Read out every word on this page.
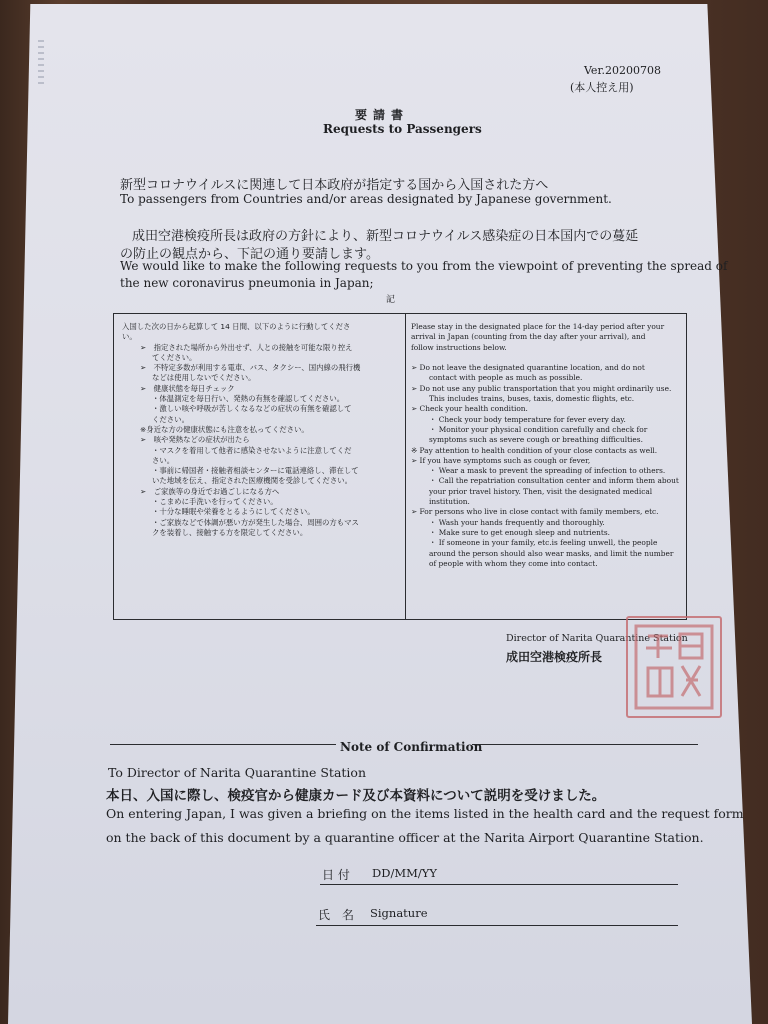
Ver.20200708

(本人控え用)

要請書

Requests to Passengers

新型コロナウイルスに関連して日本政府が指定する国から入国された方へ

To passengers from Countries and/or areas designated by Japanese government.

成田空港検疫所長は政府の方針により、新型コロナウイルス感染症の日本国内での蔓延

の防止の観点から、下記の通り要請します。

We would like to make the following requests to you from the viewpoint of preventing the spread of

the new coronavirus pneumonia in Japan;

記

入国した次の日から起算して 14 日間、以下のように行動してくださ
い。
➢　指定された場所から外出せず、人との接触を可能な限り控え
てください。
➢　不特定多数が利用する電車、バス、タクシー、国内線の飛行機
などは使用しないでください。
➢　健康状態を毎日チェック
・体温測定を毎日行い、発熱の有無を確認してください。
・激しい咳や呼吸が苦しくなるなどの症状の有無を確認して
ください。
※身近な方の健康状態にも注意を払ってください。
➢　咳や発熱などの症状が出たら
・マスクを着用して他者に感染させないように注意してくだ
さい。
・事前に帰国者・接触者相談センターに電話連絡し、滞在して
いた地域を伝え、指定された医療機関を受診してください。
➢　ご家族等の身近でお過ごしになる方へ
・こまめに手洗いを行ってください。
・十分な睡眠や栄養をとるようにしてください。
・ご家族などで体調が悪い方が発生した場合、周囲の方もマス
クを装着し、接触する方を限定してください。
Please stay in the designated place for the 14-day period after your
arrival in Japan (counting from the day after your arrival), and
follow instructions below.

➢ Do not leave the designated quarantine location, and do not
contact with people as much as possible.
➢ Do not use any public transportation that you might ordinarily use.
This includes trains, buses, taxis, domestic flights, etc.
➢ Check your health condition.
・ Check your body temperature for fever every day.
・ Monitor your physical condition carefully and check for
symptoms such as severe cough or breathing difficulties.
※ Pay attention to health condition of your close contacts as well.
➢ If you have symptoms such as cough or fever,
・ Wear a mask to prevent the spreading of infection to others.
・ Call the repatriation consultation center and inform them about
your prior travel history. Then, visit the designated medical
institution.
➢ For persons who live in close contact with family members, etc.
・ Wash your hands frequently and thoroughly.
・ Make sure to get enough sleep and nutrients.
・ If someone in your family, etc.is feeling unwell, the people
around the person should also wear masks, and limit the number
of people with whom they come into contact.

Director of Narita Quarantine Station

成田空港検疫所長

Note of Confirmation

To Director of Narita Quarantine Station

本日、入国に際し、検疫官から健康カード及び本資料について説明を受けました。

On entering Japan, I was given a briefing on the items listed in the health card and the request form

on the back of this document by a quarantine officer at the Narita Airport Quarantine Station.

日 付 DD/MM/YY

氏　名 Signature
